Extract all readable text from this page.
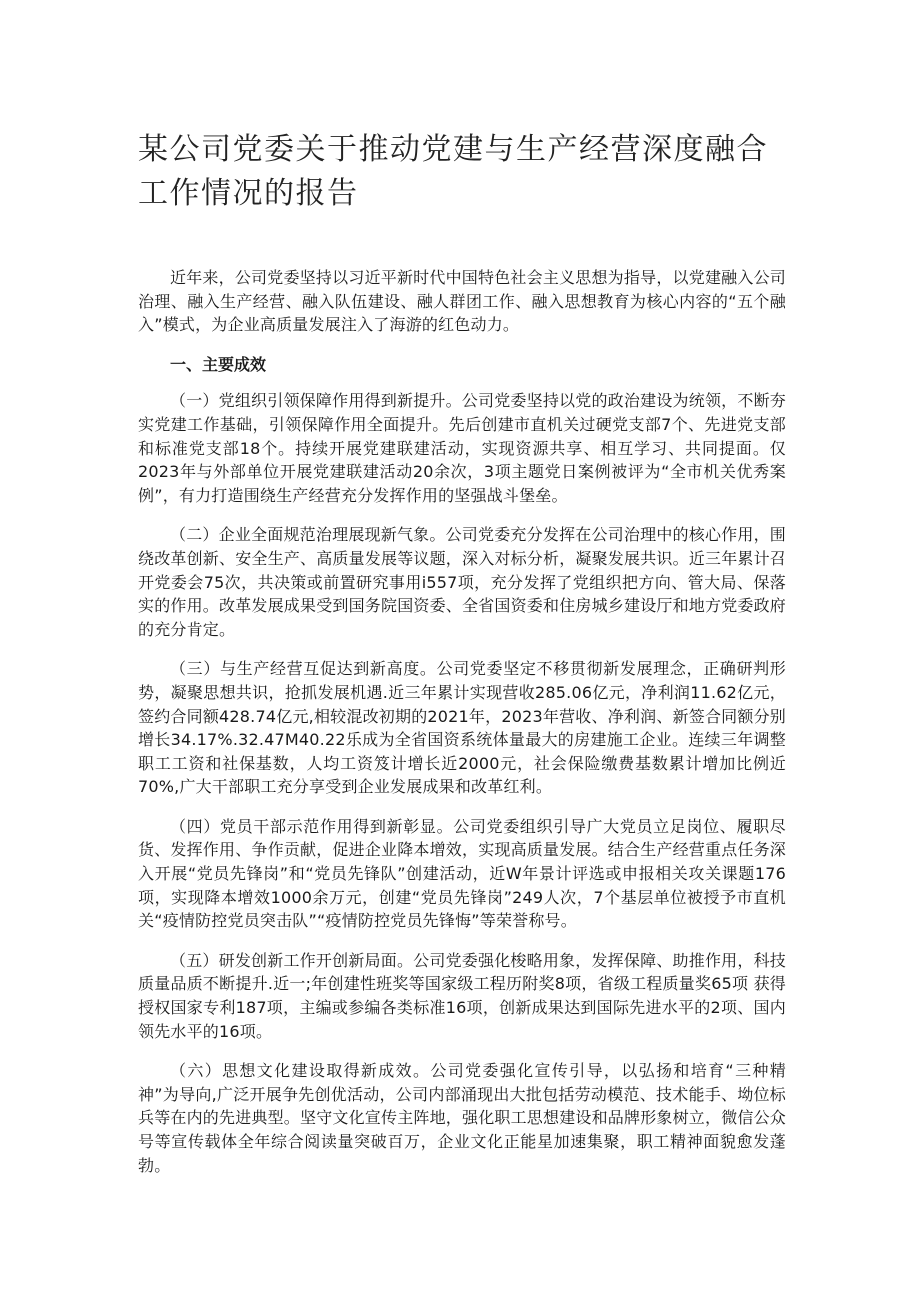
某公司党委关于推动党建与生产经营深度融合工作情况的报告

近年来，公司党委坚持以习近平新时代中国特色社会主义思想为指导，以党建融入公司治理、融入生产经营、融入队伍建设、融人群团工作、融入思想教育为核心内容的“五个融入”模式，为企业高质量发展注入了海游的红色动力。

一、主要成效

（一）党组织引领保障作用得到新提升。公司党委坚持以党的政治建设为统领，不断夯实党建工作基础，引领保障作用全面提升。先后创建市直机关过硬党支部7个、先进党支部和标准党支部18个。持续开展党建联建活动，实现资源共享、相互学习、共同提面。仅2023年与外部单位开展党建联建活动20余次，3项主题党日案例被评为“全市机关优秀案例”，有力打造围绕生产经营充分发挥作用的坚强战斗堡垒。

（二）企业全面规范治理展现新气象。公司党委充分发挥在公司治理中的核心作用，围绕改革创新、安全生产、高质量发展等议题，深入对标分析，凝聚发展共识。近三年累计召开党委会75次，共决策或前置研究事用i557项，充分发挥了党组织把方向、管大局、保落实的作用。改革发展成果受到国务院国资委、全省国资委和住房城乡建设厅和地方党委政府的充分肯定。

（三）与生产经营互促达到新高度。公司党委坚定不移贯彻新发展理念，正确研判形势，凝聚思想共识，抢抓发展机遇.近三年累计实现营收285.06亿元，净利润11.62亿元，签约合同额428.74亿元,相较混改初期的2021年，2023年营收、净利润、新签合同额分别增长34.17%.32.47M40.22乐成为全省国资系统体量最大的房建施工企业。连续三年调整职工工资和社保基数，人均工资笈计增长近2000元，社会保险缴费基数累计增加比例近70%,广大干部职工充分享受到企业发展成果和改革红利。

（四）党员干部示范作用得到新彰显。公司党委组织引导广大党员立足岗位、履职尽货、发挥作用、争作贡献，促进企业降本增效，实现高质量发展。结合生产经营重点任务深入开展“党员先锋岗”和“党员先锋队”创建活动，近W年景计评选或申报相关攻关课题176项，实现降本增效1000余万元，创建“党员先锋岗”249人次，7个基层单位被授予市直机关“疫情防控党员突击队”“疫情防控党员先锋悔”等荣誉称号。

（五）研发创新工作开创新局面。公司党委强化梭略用象，发挥保障、助推作用，科技质量品质不断提升.近一;年创建性班奖等国家级工程历附奖8项，省级工程质量奖65项 获得授权国家专利187项，主编或参编各类标准16项，创新成果达到国际先进水平的2项、国内领先水平的16项。

（六）思想文化建设取得新成效。公司党委强化宣传引导，以弘扬和培育“三种精神”为导向,广泛开展争先创优活动，公司内部涌现出大批包括劳动模范、技术能手、坳位标兵等在内的先进典型。坚守文化宣传主阵地，强化职工思想建设和品牌形象树立，微信公众号等宣传载体全年综合阅读量突破百万，企业文化正能星加速集聚，职工精神面貌愈发蓬勃。
